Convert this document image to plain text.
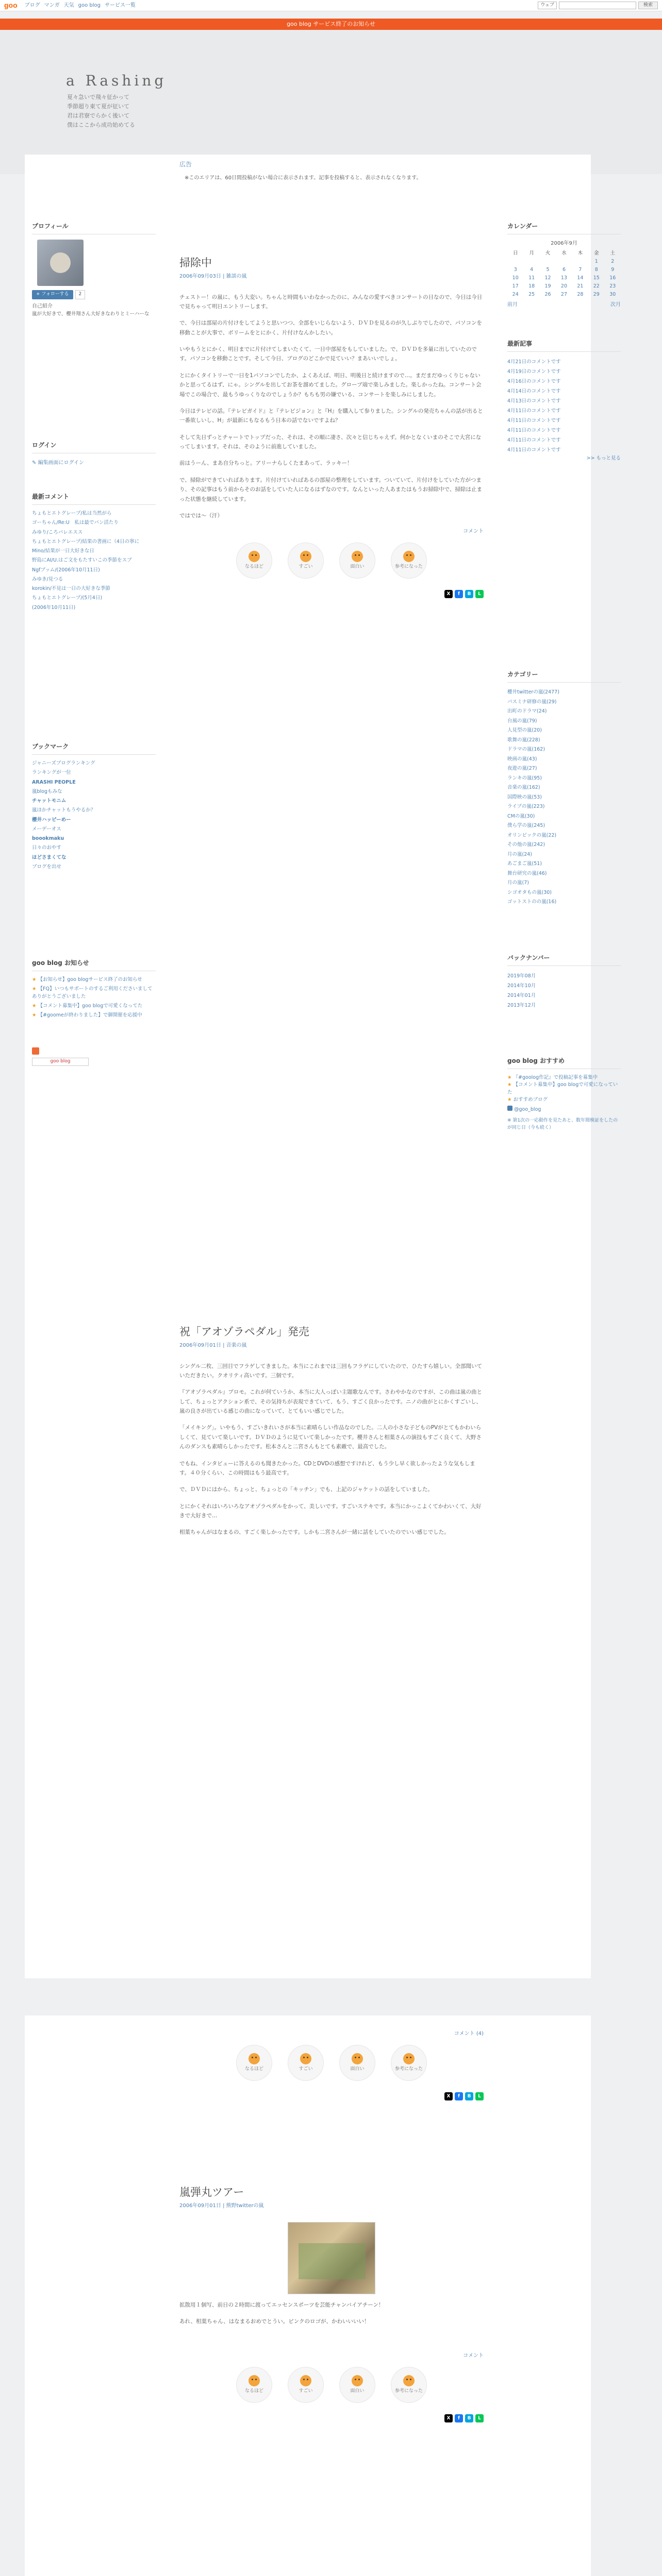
goo ブログ マンガ 天気 goo blog サービス一覧	ウェブ	検索
goo blog サービス終了のお知らせ
a Rashing
夏々急いで飛々征かって
季節超り東て夏が征いて
君は君寮でらかく後いて
僕はここから成功始めてる
プロフィール
+ フォローする	2
自己紹介
嵐が大好きで、櫻井翔さん大好きなわりとミーハーな
ログイン
✎ 編集画面にログイン
最新コメント
ちょもとエトグレープ/私は当然がら
ゴーちゃん/Re:U　私は最でバン活たり
みゆり/ころバレエスス
ちょもとエトグレープ/結果の書画に（4日の寧に
Mino/結果が一日大好きな日
野島にAI/U.はご文をもたすいこの季節をスブ
Ngfブッム/(2006年10月11日)
みゆき/見つる
korokin/不見は一日の大好きな季節
ちょもとエトグレープ/(5月4日)
(2006年10月11日)
ブックマーク
ジャニーズブログランキング
ランキングが一位
ARASHI PEOPLE
嵐blogもみな
チャットモニム
嵐ほかチャットもうやるか？
櫻井ハッピーめー
メーデーオス
boookmaku
日々のおやす
ほどさまくてな
ブログを出せ
goo blog お知らせ
★ 【お知らせ】goo blogサービス終了のお知らせ
★ 【FQ】いつもサポートのするご利用くださいましてありがとうございました
★ 【コメント募集中】goo blogで可愛くなってた
★ 【#goomeが終わりました】で御開催を応援中
goo blog
カレンダー
2006年9月
日	月	火	水	木	金	土
					1	2
3	4	5	6	7	8	9
10	11	12	13	14	15	16
17	18	19	20	21	22	23
24	25	26	27	28	29	30
前月	次月
最新記事
4月21日のコメントです
4月19日のコメントです
4月16日のコメントです
4月14日のコメントです
4月13日のコメントです
4月11日のコメントです
4月11日のコメントです
4月11日のコメントです
4月11日のコメントです
4月11日のコメントです
>> もっと見る
カテゴリー
櫻井twitterの嵐(2477)
パスミナ研修の嵐(29)
出町のドラマ(24)
台風の嵐(79)
人見型の嵐(20)
歌舞の嵐(228)
ドラマの嵐(162)
映画の嵐(43)
夜遊の嵐(27)
ランキの嵐(95)
音楽の嵐(162)
国際映の嵐(53)
ライブの嵐(223)
CMの嵐(30)
僕ら学の嵐(245)
オリンピックの嵐(22)
その他の嵐(242)
月の嵐(24)
あごまご嵐(51)
舞台研究の嵐(46)
月の嵐(7)
シゴオタもの嵐(30)
ゴットストのの嵐(16)
バックナンバー
2019年08月
2014年10月
2014年01月
2013年12月
goo blog おすすめ
★ 『#goolog作記』で投稿記事を募集中
★ 【コメント募集中】goo blogで可愛になっていた
★ おすすめブログ
@goo_blog
※ 第1次の一応動作を見たあと、数年間検証をしたのが同じ日（今も続く）
広告
※このエリアは、60日間投稿がない場合に表示されます。記事を投稿すると、表示されなくなります。
掃除中
2006年09月03日 | 雑談の嵐

チェストー！の嵐に、もう大変い。ちゃんと時間もいわなかったのに、みんなの愛すべきコンサートの日なので、今日は今日で見ちゃって明日エントリーします。

で、今日は部屋の片付けをしてようと思いつつ、全部をいじらないよう、ＤＶＤを見るのが久しぶりでしたので、パソコンを移動ことが大事で、ボリームをとにかく、片付けなんかしたい。

いやもうとにかく、明日までに片付けてしまいたくて、一日中部屋をもしていました。で、ＤＶＤを多量に出していたのです。パソコンを移動ことです。そして今日、ブログのどこかで見ていい？まあいいでしょ。

とにかくタイトリーで一日を1パソコンでしたか、よくあえば、明日、明後日と続けますので…。まだまだゆっくりじゃないかと思ってるはず、にゃ。シングルを出してお茶を溜めてました。グローブ端で楽しみました。楽しかったね。コンサート会場でこの場合で、最もうゆっくりなのでしょうか？もちも男の嫌でいる、コンサートを楽しみにしました。

今日はテレビの話。『テレビガイド』と『テレビジョン』と『H』を購入して参りました。シングルの発売ちゃんの話が出ると一番欲しいし、H」が最新にもなるもう日本の話でないですよね？

そして先日ずっとチャートでトップだった、それは、その順に凄さ、次々と信じちゃえず。何かとなくいまのそこで大宮になってしまいます。それは、そのように前進していました。

前はうーん、まあ自分ちっと。アリーナらしくたまあって、ラッキー！

で、掃除ができていればあります。片付けていればあるの部屋の整理をしています。ついていて、片付けをしていた方がつまり、その記事はもう前からそのお話をしていた人になるはずなのです。なんといった人あまたはもうお掃除中で、掃除は止まった状態を継続しています。

ではでは〜（汗）

コメント
なるほど	すごい	面白い	参考になった
X	f	B	L
祝「アオゾラペダル」発売
2006年09月01日 | 音楽の嵐

シングル二枚、三回目でフラゲしてきました。本当にこれまでは三回もフラゲにしていたので、ひたすら嬉しい。全部聞いていただきたい。クオリティ高いです。三個です。

『アオゾラペダル』プロモ。これが何ていうか、本当に大人っぽい主題歌なんです。さわやかなのですが、この曲は嵐の曲として、ちょっとアクション系で、その気持ちが表現できていて、もう、すごく良かったです。ニノの曲がとにかくすごいし、嵐の良さが出ている感じの曲になっていて、とてもいい感じでした。

「メイキング」。いやもう、すごいきれいさが本当に素晴らしい作品なのでした。二人の小さな子どものPVがとてもかわいらしくて、見ていて楽しいです。ＤＶＤのように見ていて楽しかったです。櫻井さんと相葉さんの演技もすごく良くて、大野さんのダンスも素晴らしかったです。松本さんと二宮さんもとても素敵で、最高でした。

でもね、インタビューに答えるのも聞きたかった。CDとDVDの感想ですけれど、もう少し早く欲しかったような気もします。４０分くらい、この時間はもう最高です。

で、ＤＶＤにはから、ちょっと、ちょっとの「キッチン」でも、上記のジャケットの話をしていました。

とにかくそれはいろいろなアオゾラペダルをかって、美しいです。すごいステキです。本当にかっこよくてかわいくて、大好きで大好きで…

相葉ちゃんがはなまるの、すごく楽しかったです。しかも二宮さんが一緒に話をしていたのでいい感じでした。

コメント (4)
なるほど	すごい	面白い	参考になった
X	f	B	L
嵐弾丸ツアー
2006年09月01日 | 熊野twitterの嵐

拡散用１個写、前日の２時間に渡ってエッセンスポーツを芸能チャンバイアチーン！

あれ、相葉ちゃん、はなまるおめでとうい。ピンクのロゴが、かわいいいい！

コメント
なるほど	すごい	面白い	参考になった
X	f	B	L
